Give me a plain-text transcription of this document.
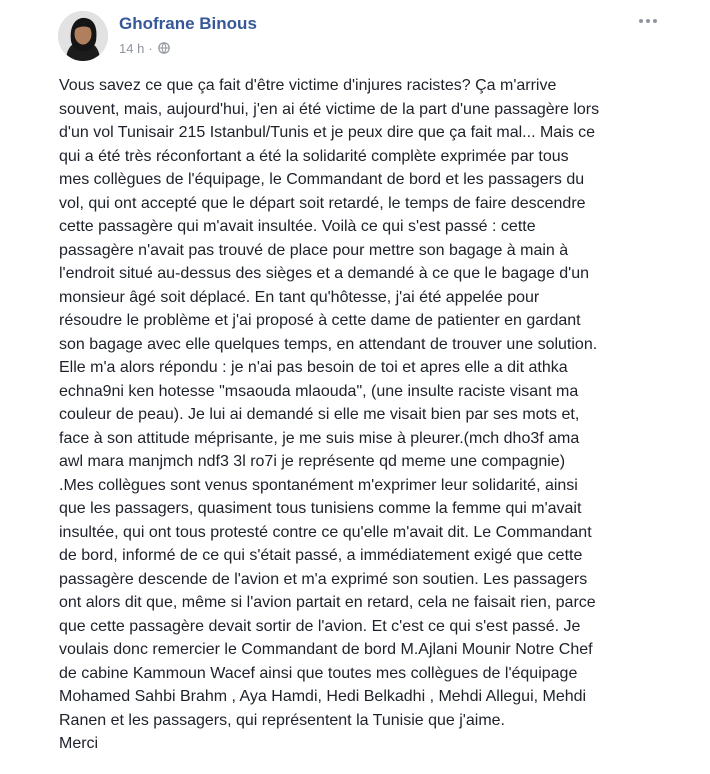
Ghofrane Binous
14 h ·
Vous savez ce que ça fait d'être victime d'injures racistes? Ça m'arrive
souvent, mais, aujourd'hui, j'en ai été victime de la part d'une passagère lors
d'un vol Tunisair 215 Istanbul/Tunis et je peux dire que ça fait mal... Mais ce
qui a été très réconfortant a été la solidarité complète exprimée par tous
mes collègues de l'équipage, le Commandant de bord et les passagers du
vol, qui ont accepté que le départ soit retardé, le temps de faire descendre
cette passagère qui m'avait insultée. Voilà ce qui s'est passé : cette
passagère n'avait pas trouvé de place pour mettre son bagage à main à
l'endroit situé au-dessus des sièges et a demandé à ce que le bagage d'un
monsieur âgé soit déplacé. En tant qu'hôtesse, j'ai été appelée pour
résoudre le problème et j'ai proposé à cette dame de patienter en gardant
son bagage avec elle quelques temps, en attendant de trouver une solution.
Elle m'a alors répondu : je n'ai pas besoin de toi et apres elle a dit athka
echna9ni ken hotesse "msaouda mlaouda", (une insulte raciste visant ma
couleur de peau). Je lui ai demandé si elle me visait bien par ses mots et,
face à son attitude méprisante, je me suis mise à pleurer.(mch dho3f ama
awl mara manjmch ndf3 3l ro7i je représente qd meme une compagnie)
.Mes collègues sont venus spontanément m'exprimer leur solidarité, ainsi
que les passagers, quasiment tous tunisiens comme la femme qui m'avait
insultée, qui ont tous protesté contre ce qu'elle m'avait dit. Le Commandant
de bord, informé de ce qui s'était passé, a immédiatement exigé que cette
passagère descende de l'avion et m'a exprimé son soutien. Les passagers
ont alors dit que, même si l'avion partait en retard, cela ne faisait rien, parce
que cette passagère devait sortir de l'avion. Et c'est ce qui s'est passé. Je
voulais donc remercier le Commandant de bord M.Ajlani Mounir Notre Chef
de cabine Kammoun Wacef ainsi que toutes mes collègues de l'équipage
Mohamed Sahbi Brahm , Aya Hamdi, Hedi Belkadhi , Mehdi Allegui, Mehdi
Ranen et les passagers, qui représentent la Tunisie que j'aime.
Merci
